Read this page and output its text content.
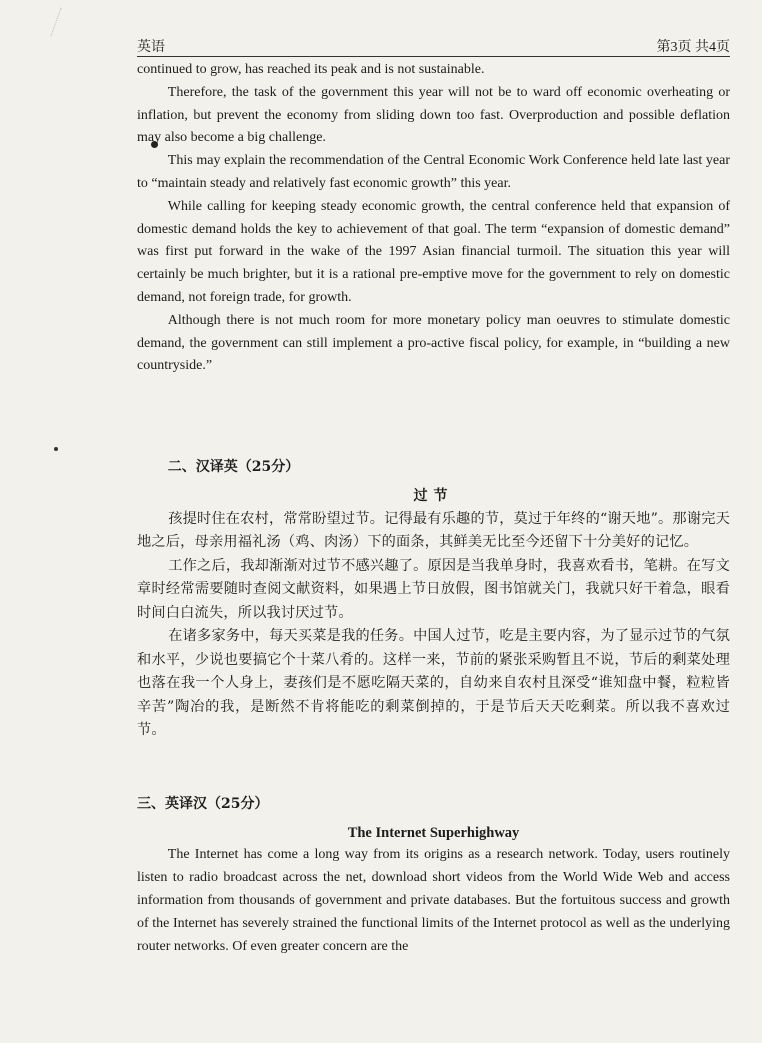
英语	第3页 共4页

continued to grow, has reached its peak and is not sustainable.

Therefore, the task of the government this year will not be to ward off economic overheating or inflation, but prevent the economy from sliding down too fast. Overproduction and possible deflation may also become a big challenge.

This may explain the recommendation of the Central Economic Work Conference held late last year to “maintain steady and relatively fast economic growth” this year.

While calling for keeping steady economic growth, the central conference held that expansion of domestic demand holds the key to achievement of that goal. The term “expansion of domestic demand” was first put forward in the wake of the 1997 Asian financial turmoil. The situation this year will certainly be much brighter, but it is a rational pre-emptive move for the government to rely on domestic demand, not foreign trade, for growth.

Although there is not much room for more monetary policy man oeuvres to stimulate domestic demand, the government can still implement a pro-active fiscal policy, for example, in “building a new countryside.”

二、汉译英（25分）

过节

孩提时住在农村，常常盼望过节。记得最有乐趣的节，莫过于年终的“谢天地”。那谢完天地之后，母亲用福礼汤（鸡、肉汤）下的面条，其鲜美无比至今还留下十分美好的记忆。

工作之后，我却渐渐对过节不感兴趣了。原因是当我单身时，我喜欢看书，笔耕。在写文章时经常需要随时查阅文献资料，如果遇上节日放假，图书馆就关门，我就只好干着急，眼看时间白白流失，所以我讨厌过节。

在诸多家务中，每天买菜是我的任务。中国人过节，吃是主要内容，为了显示过节的气氛和水平，少说也要搞它个十菜八肴的。这样一来，节前的紧张采购暂且不说，节后的剩菜处理也落在我一个人身上，妻孩们是不愿吃隔天菜的，自幼来自农村且深受“谁知盘中餐，粒粒皆辛苦”陶冶的我，是断然不肯将能吃的剩菜倒掉的，于是节后天天吃剩菜。所以我不喜欢过节。

三、英译汉（25分）

The Internet Superhighway

The Internet has come a long way from its origins as a research network. Today, users routinely listen to radio broadcast across the net, download short videos from the World Wide Web and access information from thousands of government and private databases. But the fortuitous success and growth of the Internet has severely strained the functional limits of the Internet protocol as well as the underlying router networks. Of even greater concern are the
